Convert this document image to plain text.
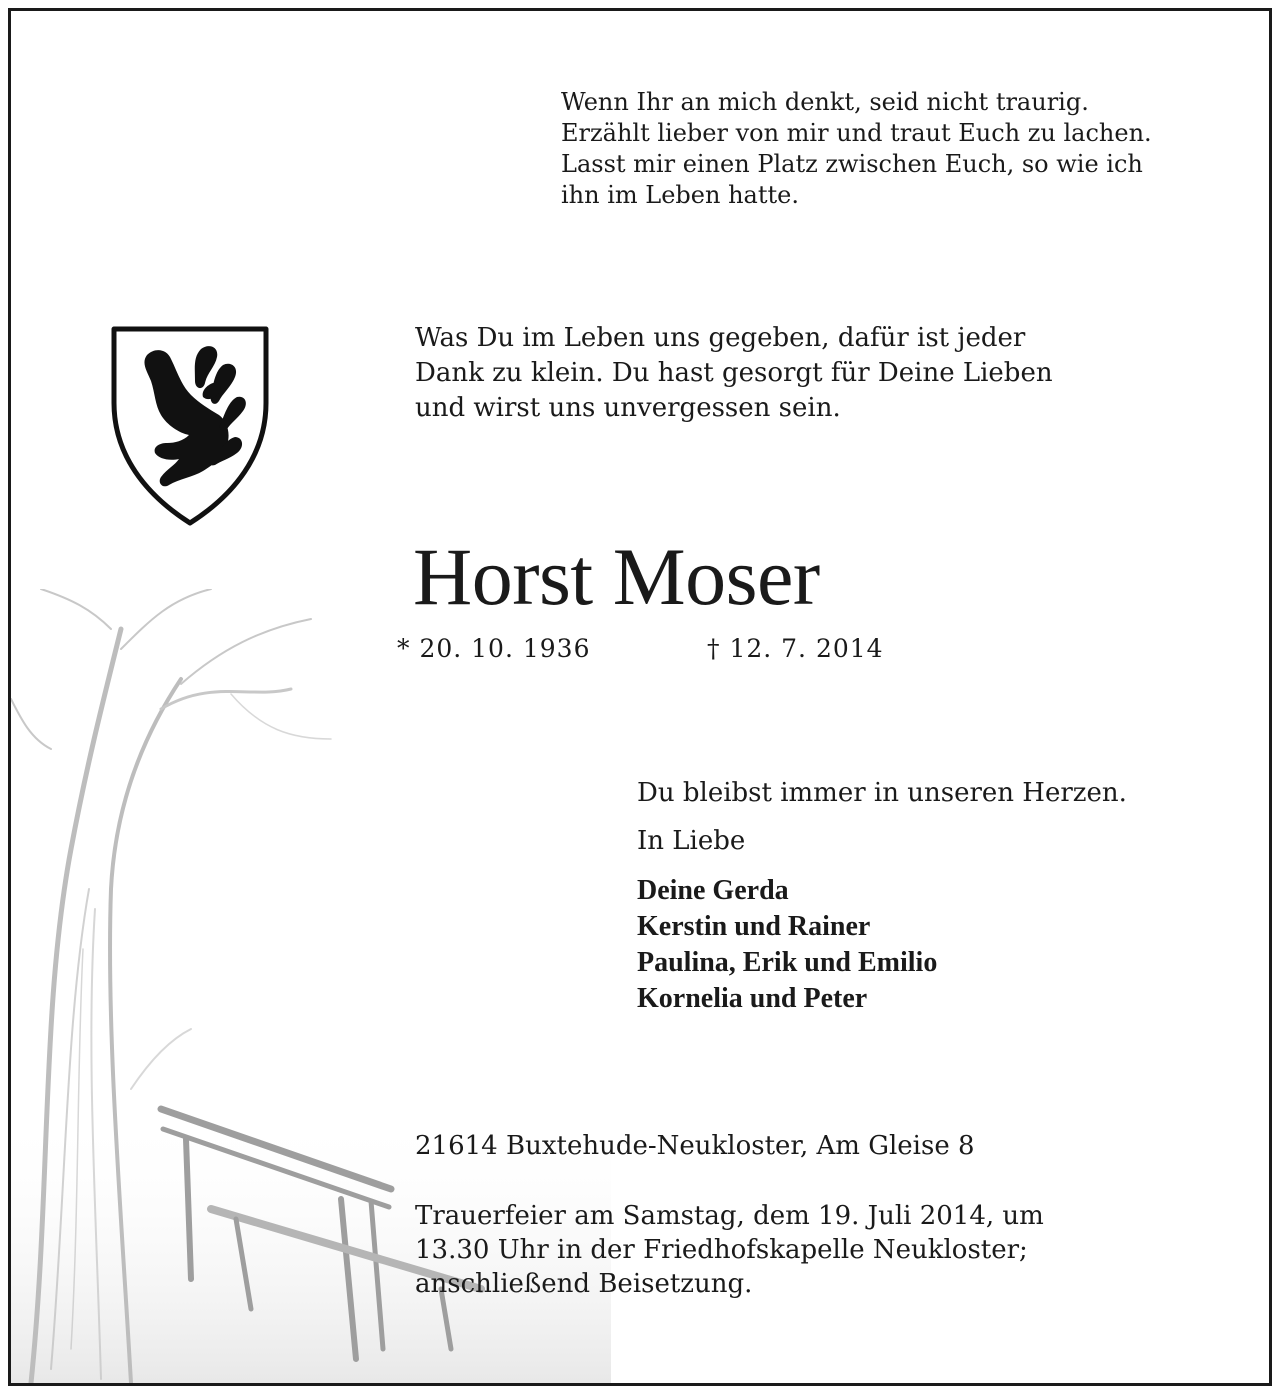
Wenn Ihr an mich denkt, seid nicht traurig.
Erzählt lieber von mir und traut Euch zu lachen.
Lasst mir einen Platz zwischen Euch, so wie ich
ihn im Leben hatte.
Was Du im Leben uns gegeben, dafür ist jeder
Dank zu klein. Du hast gesorgt für Deine Lieben
und wirst uns unvergessen sein.
Horst Moser
* 20. 10. 1936	† 12. 7. 2014
Du bleibst immer in unseren Herzen.
In Liebe
Deine Gerda
Kerstin und Rainer
Paulina, Erik und Emilio
Kornelia und Peter
21614 Buxtehude-Neukloster, Am Gleise 8
Trauerfeier am Samstag, dem 19. Juli 2014, um
13.30 Uhr in der Friedhofskapelle Neukloster;
anschließend Beisetzung.
